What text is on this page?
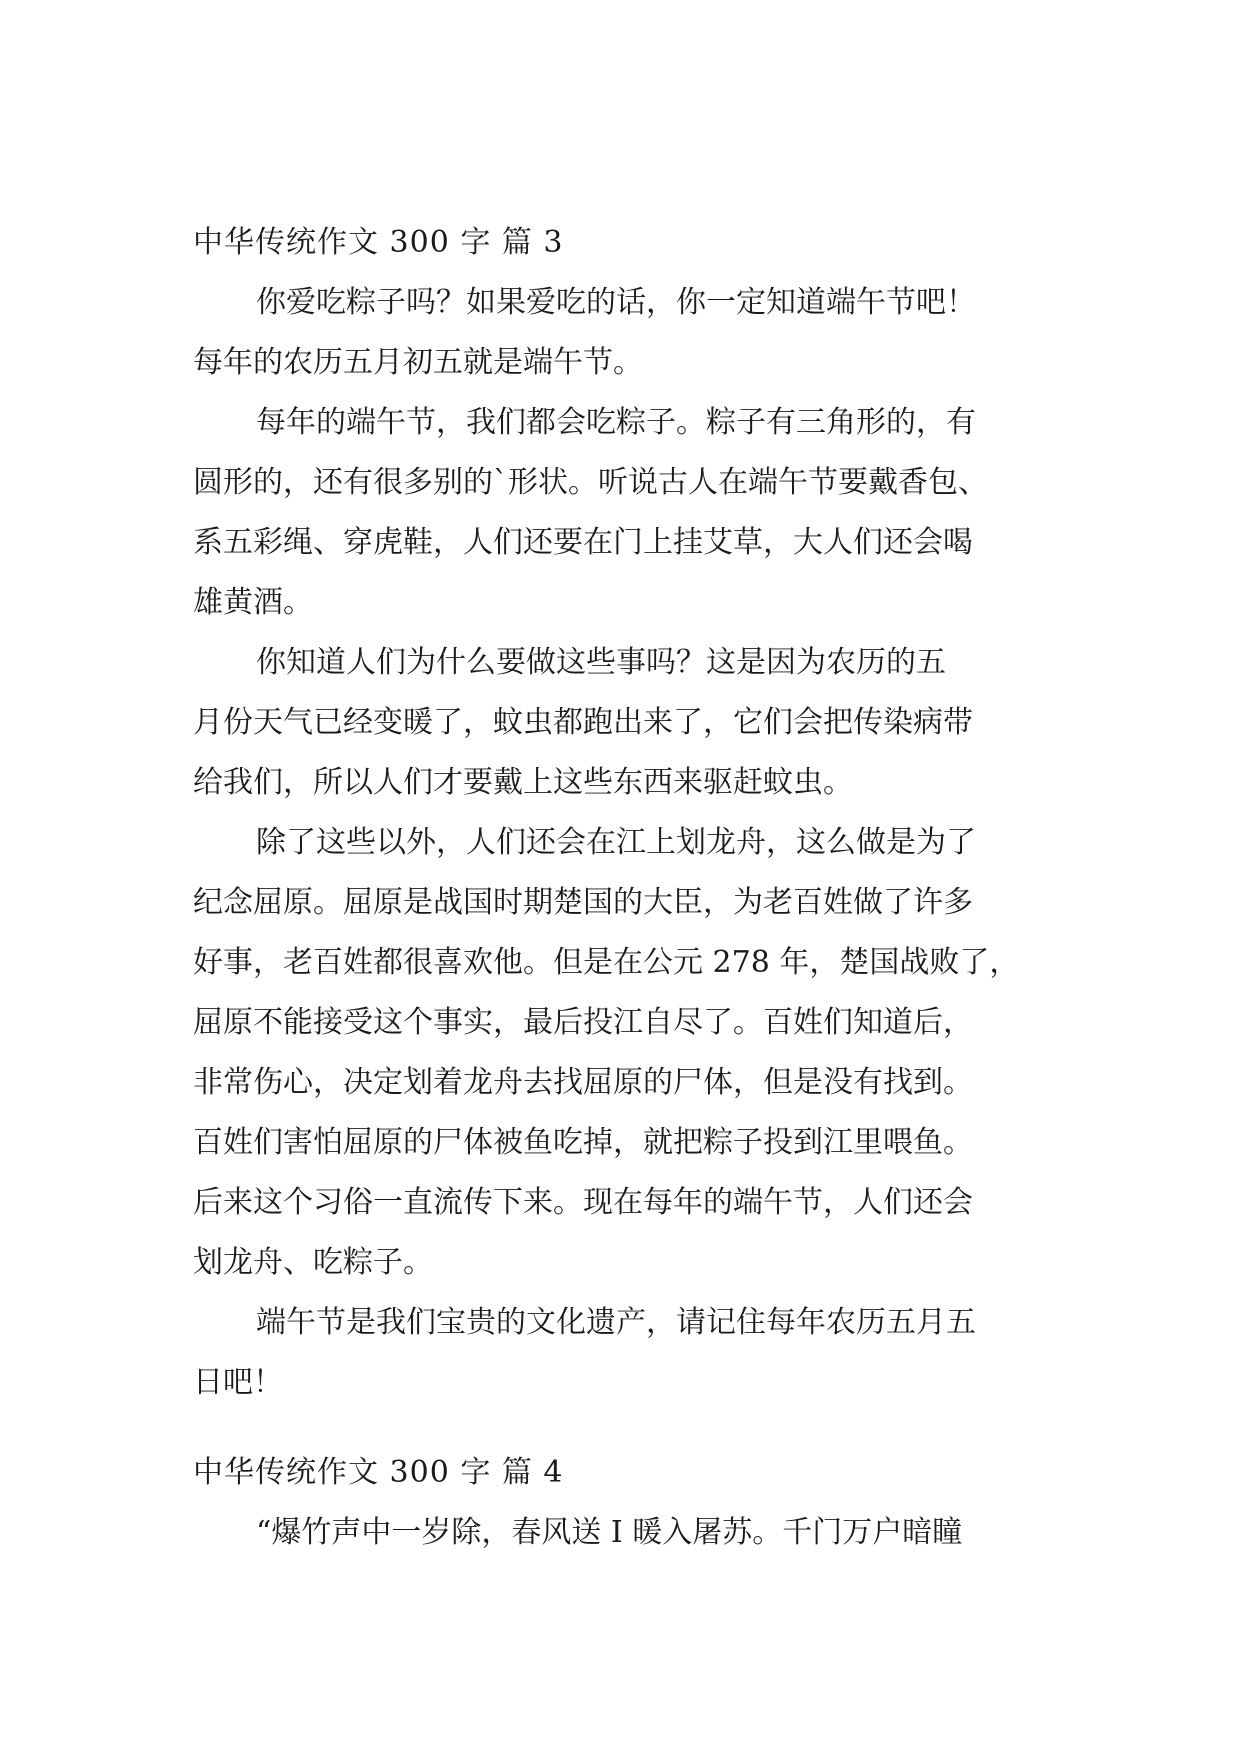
中华传统作文 300 字 篇 3

你爱吃粽子吗？如果爱吃的话，你一定知道端午节吧！

每年的农历五月初五就是端午节。

每年的端午节，我们都会吃粽子。粽子有三角形的，有

圆形的，还有很多别的`形状。听说古人在端午节要戴香包、

系五彩绳、穿虎鞋，人们还要在门上挂艾草，大人们还会喝

雄黄酒。

你知道人们为什么要做这些事吗？这是因为农历的五

月份天气已经变暖了，蚊虫都跑出来了，它们会把传染病带

给我们，所以人们才要戴上这些东西来驱赶蚊虫。

除了这些以外，人们还会在江上划龙舟，这么做是为了

纪念屈原。屈原是战国时期楚国的大臣，为老百姓做了许多

好事，老百姓都很喜欢他。但是在公元 278 年，楚国战败了，

屈原不能接受这个事实，最后投江自尽了。百姓们知道后，

非常伤心，决定划着龙舟去找屈原的尸体，但是没有找到。

百姓们害怕屈原的尸体被鱼吃掉，就把粽子投到江里喂鱼。

后来这个习俗一直流传下来。现在每年的端午节，人们还会

划龙舟、吃粽子。

端午节是我们宝贵的文化遗产，请记住每年农历五月五

日吧！

中华传统作文 300 字 篇 4

“爆竹声中一岁除，春风送 I 暖入屠苏。千门万户暗瞳
